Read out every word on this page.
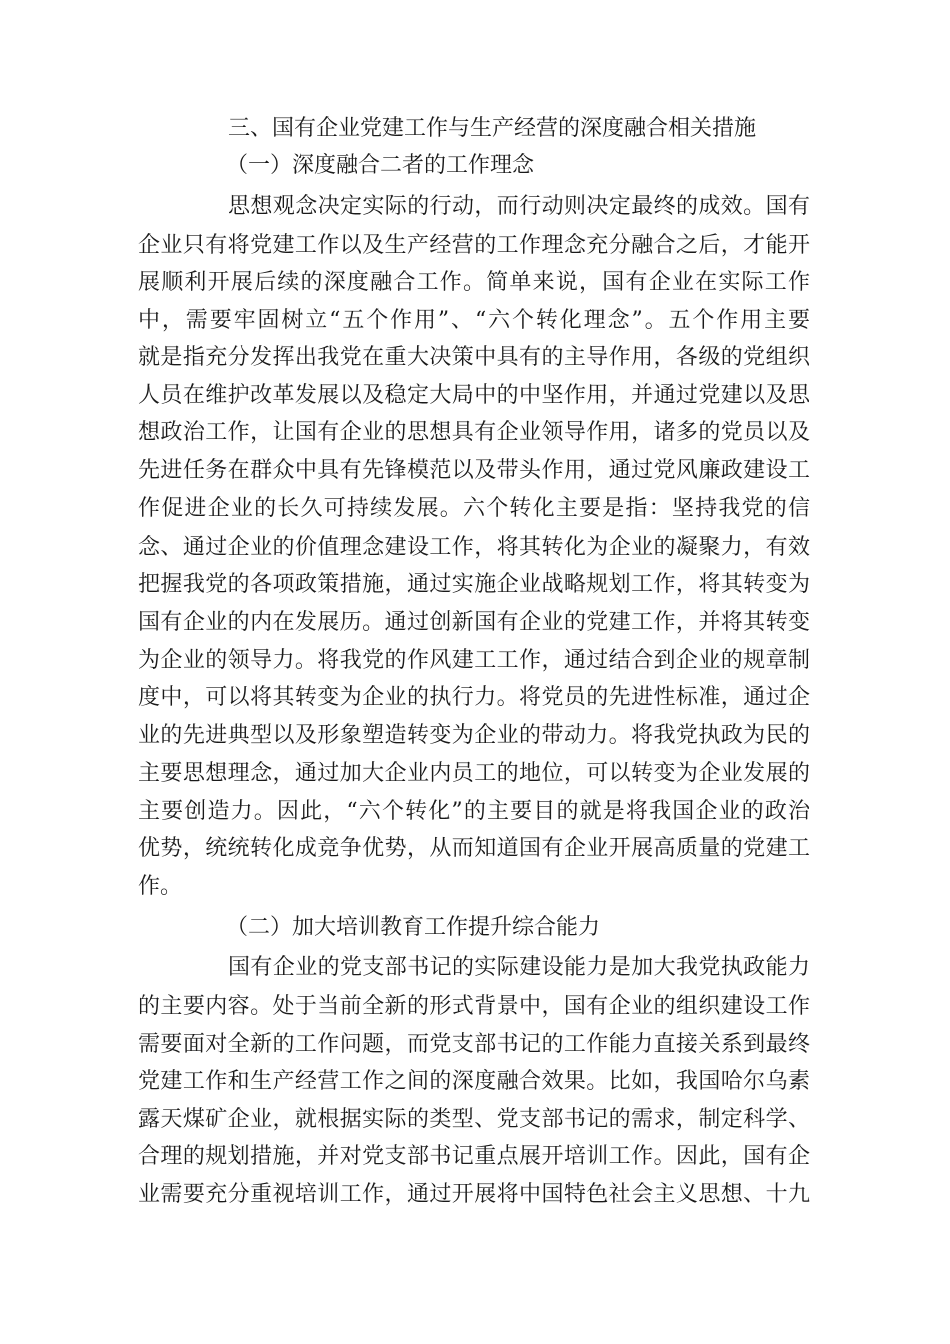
三、国有企业党建工作与生产经营的深度融合相关措施
（一）深度融合二者的工作理念
思想观念决定实际的行动，而行动则决定最终的成效。国有
企业只有将党建工作以及生产经营的工作理念充分融合之后，才能开
展顺利开展后续的深度融合工作。简单来说，国有企业在实际工作
中，需要牢固树立“五个作用”、“六个转化理念”。五个作用主要
就是指充分发挥出我党在重大决策中具有的主导作用，各级的党组织
人员在维护改革发展以及稳定大局中的中坚作用，并通过党建以及思
想政治工作，让国有企业的思想具有企业领导作用，诸多的党员以及
先进任务在群众中具有先锋模范以及带头作用，通过党风廉政建设工
作促进企业的长久可持续发展。六个转化主要是指：坚持我党的信
念、通过企业的价值理念建设工作，将其转化为企业的凝聚力，有效
把握我党的各项政策措施，通过实施企业战略规划工作，将其转变为
国有企业的内在发展历。通过创新国有企业的党建工作，并将其转变
为企业的领导力。将我党的作风建工工作，通过结合到企业的规章制
度中，可以将其转变为企业的执行力。将党员的先进性标准，通过企
业的先进典型以及形象塑造转变为企业的带动力。将我党执政为民的
主要思想理念，通过加大企业内员工的地位，可以转变为企业发展的
主要创造力。因此，“六个转化”的主要目的就是将我国企业的政治
优势，统统转化成竞争优势，从而知道国有企业开展高质量的党建工
作。
（二）加大培训教育工作提升综合能力
国有企业的党支部书记的实际建设能力是加大我党执政能力
的主要内容。处于当前全新的形式背景中，国有企业的组织建设工作
需要面对全新的工作问题，而党支部书记的工作能力直接关系到最终
党建工作和生产经营工作之间的深度融合效果。比如，我国哈尔乌素
露天煤矿企业，就根据实际的类型、党支部书记的需求，制定科学、
合理的规划措施，并对党支部书记重点展开培训工作。因此，国有企
业需要充分重视培训工作，通过开展将中国特色社会主义思想、十九
